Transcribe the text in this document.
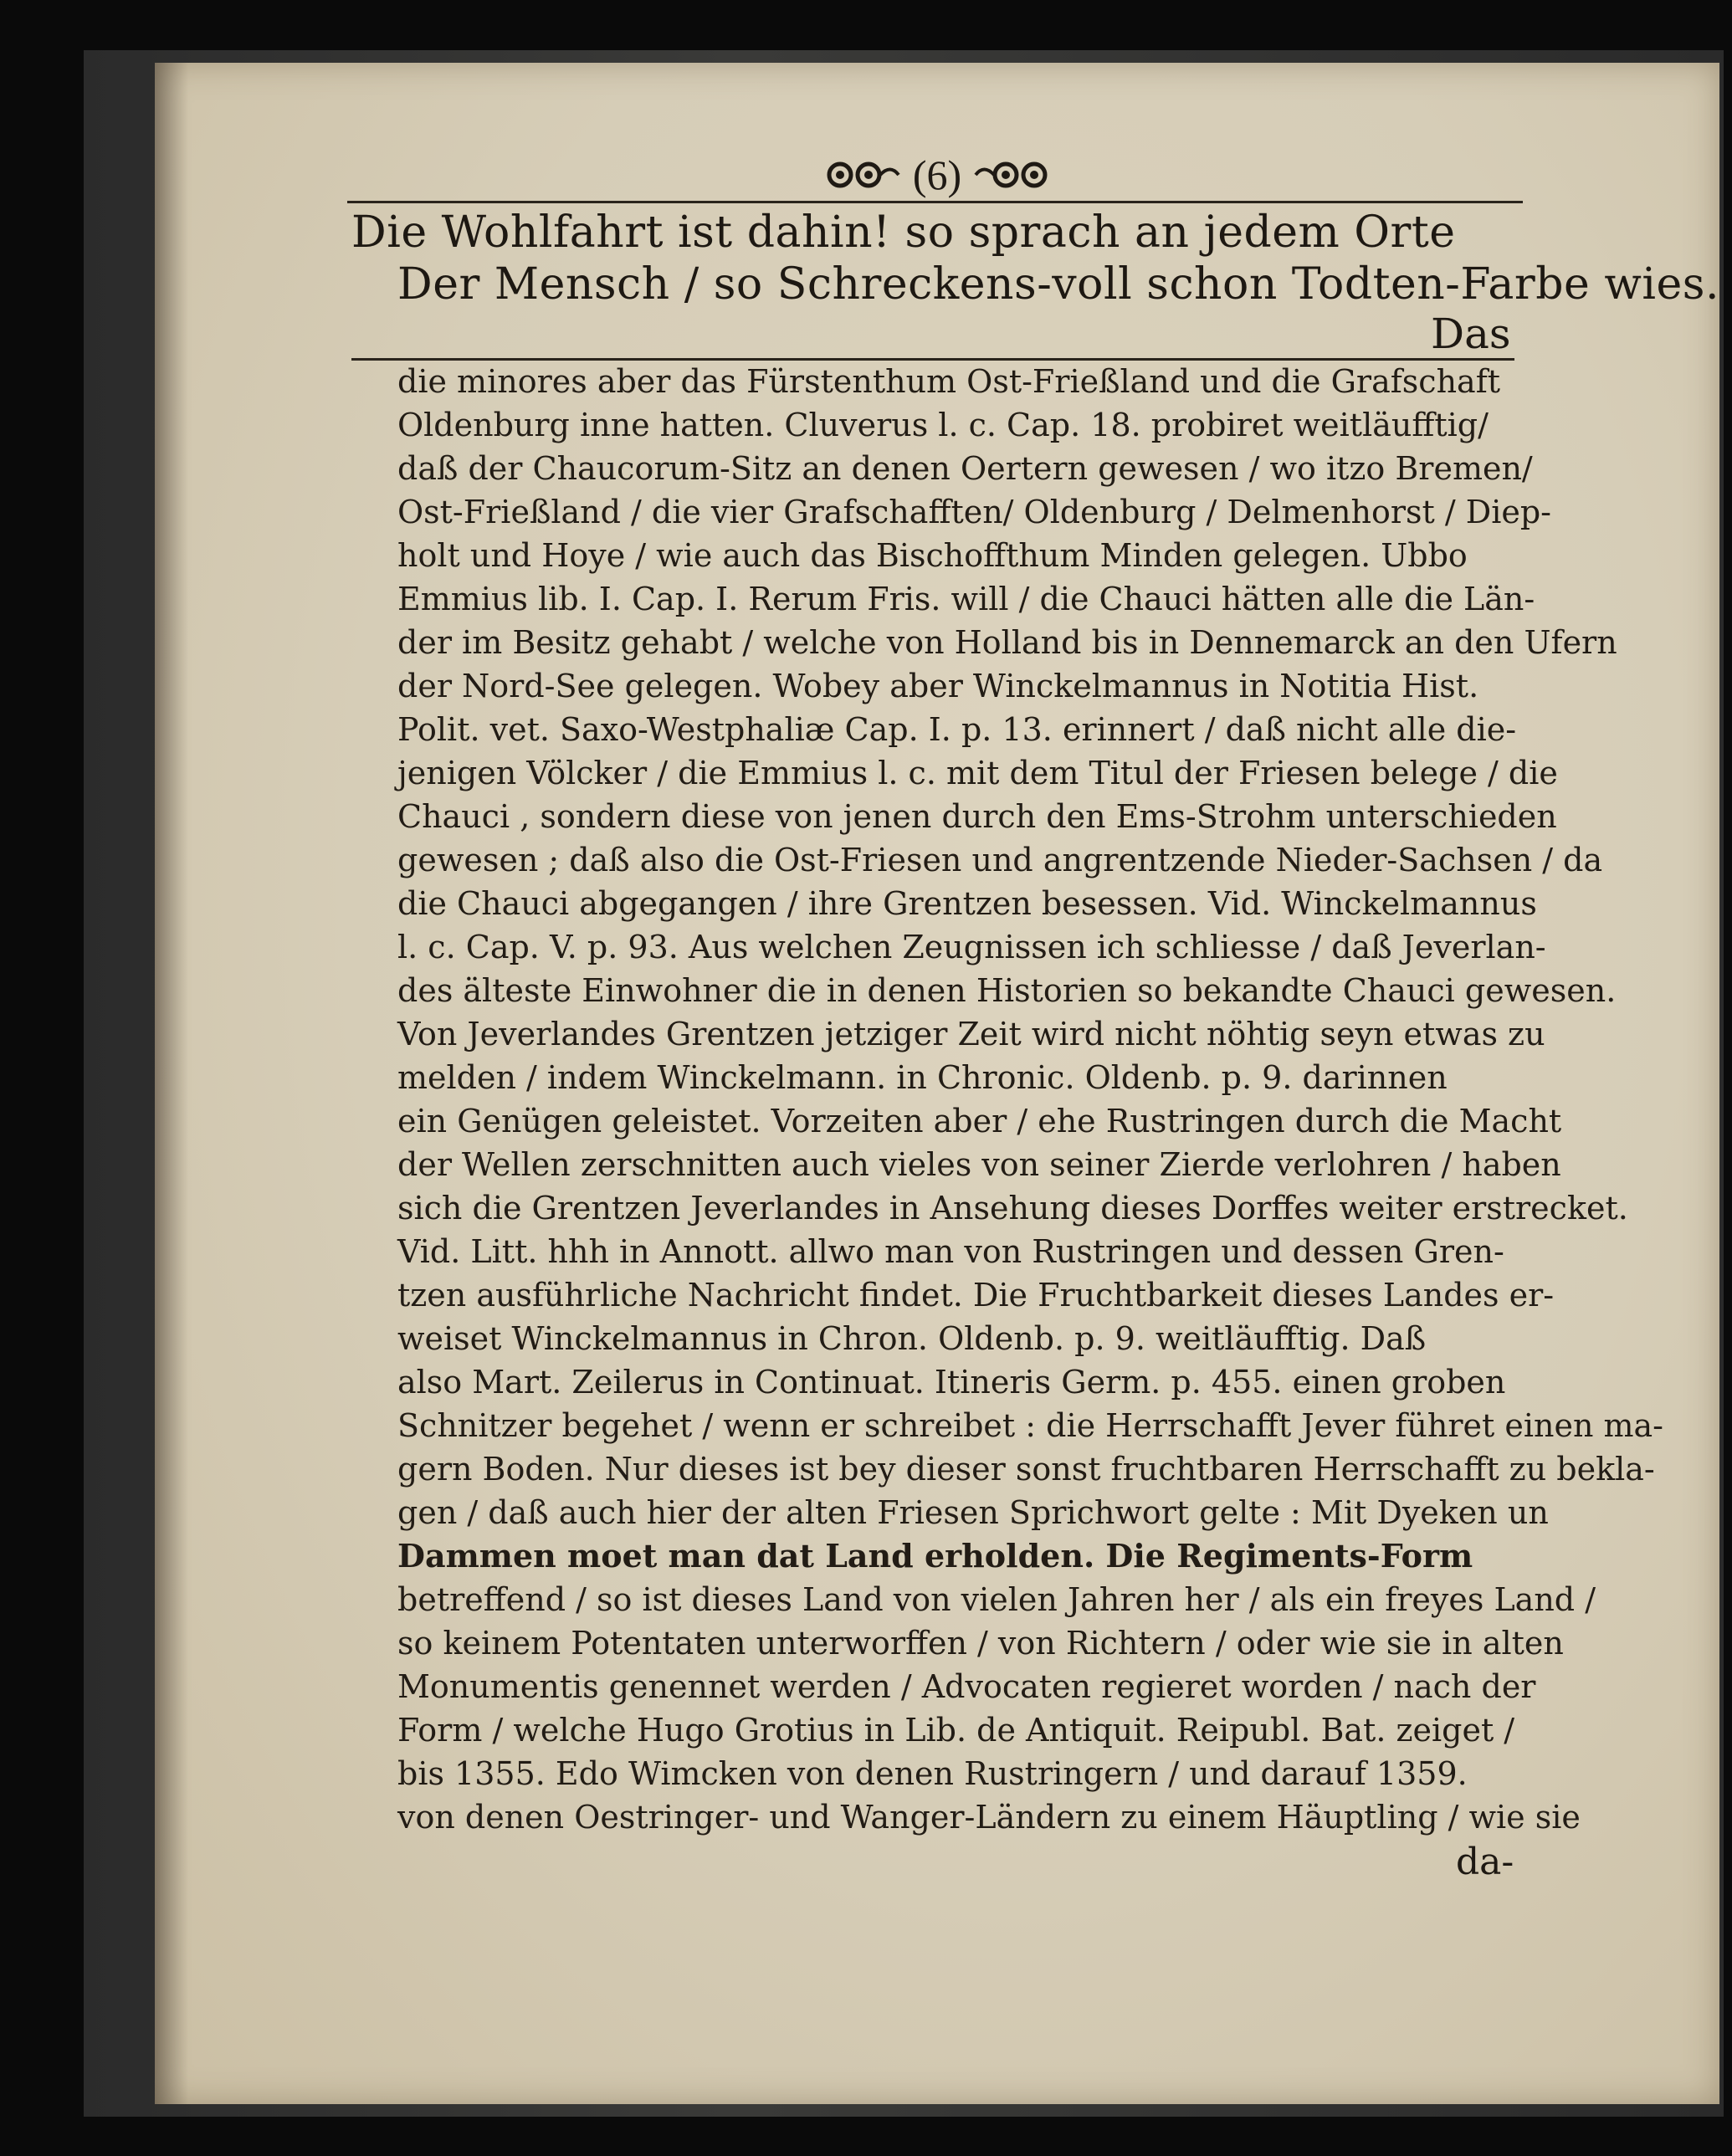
(6)
Die Wohlfahrt ist dahin! so sprach an jedem Orte
Der Mensch / so Schreckens-voll schon Todten-Farbe wies.
Das
die minores aber das Fürstenthum Ost-Frießland und die Grafschaft
Oldenburg inne hatten. Cluverus l. c. Cap. 18. probiret weitläufftig/
daß der Chaucorum-Sitz an denen Oertern gewesen / wo itzo Bremen/
Ost-Frießland / die vier Grafschafften/ Oldenburg / Delmenhorst / Diep-
holt und Hoye / wie auch das Bischoffthum Minden gelegen. Ubbo
Emmius lib. I. Cap. I. Rerum Fris. will / die Chauci hätten alle die Län-
der im Besitz gehabt / welche von Holland bis in Dennemarck an den Ufern
der Nord-See gelegen. Wobey aber Winckelmannus in Notitia Hist.
Polit. vet. Saxo-Westphaliæ Cap. I. p. 13. erinnert / daß nicht alle die-
jenigen Völcker / die Emmius l. c. mit dem Titul der Friesen belege / die
Chauci , sondern diese von jenen durch den Ems-Strohm unterschieden
gewesen ; daß also die Ost-Friesen und angrentzende Nieder-Sachsen / da
die Chauci abgegangen / ihre Grentzen besessen. Vid. Winckelmannus
l. c. Cap. V. p. 93. Aus welchen Zeugnissen ich schliesse / daß Jeverlan-
des älteste Einwohner die in denen Historien so bekandte Chauci gewesen.
Von Jeverlandes Grentzen jetziger Zeit wird nicht nöhtig seyn etwas zu
melden / indem Winckelmann. in Chronic. Oldenb. p. 9. darinnen
ein Genügen geleistet. Vorzeiten aber / ehe Rustringen durch die Macht
der Wellen zerschnitten auch vieles von seiner Zierde verlohren / haben
sich die Grentzen Jeverlandes in Ansehung dieses Dorffes weiter erstrecket.
Vid. Litt. hhh in Annott. allwo man von Rustringen und dessen Gren-
tzen ausführliche Nachricht findet. Die Fruchtbarkeit dieses Landes er-
weiset Winckelmannus in Chron. Oldenb. p. 9. weitläufftig. Daß
also Mart. Zeilerus in Continuat. Itineris Germ. p. 455. einen groben
Schnitzer begehet / wenn er schreibet : die Herrschafft Jever führet einen ma-
gern Boden. Nur dieses ist bey dieser sonst fruchtbaren Herrschafft zu bekla-
gen / daß auch hier der alten Friesen Sprichwort gelte : Mit Dyeken un
Dammen moet man dat Land erholden. Die Regiments-Form
betreffend / so ist dieses Land von vielen Jahren her / als ein freyes Land /
so keinem Potentaten unterworffen / von Richtern / oder wie sie in alten
Monumentis genennet werden / Advocaten regieret worden / nach der
Form / welche Hugo Grotius in Lib. de Antiquit. Reipubl. Bat. zeiget /
bis 1355. Edo Wimcken von denen Rustringern / und darauf 1359.
von denen Oestringer- und Wanger-Ländern zu einem Häuptling / wie sie
da-
